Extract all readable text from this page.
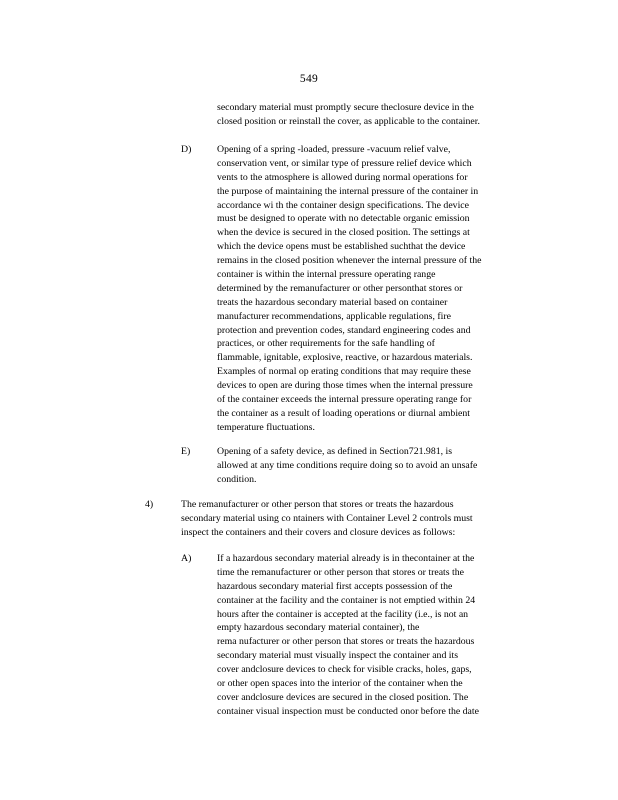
549
secondary material must promptly secure theclosure device in the
closed position or reinstall the cover, as applicable to the container.
D)	Opening of a spring -loaded, pressure -vacuum relief valve,
conservation vent, or similar type of pressure relief device which
vents to the atmosphere is allowed during normal operations for
the purpose of maintaining the internal pressure of the container in
accordance wi th the container design specifications. The device
must be designed to operate with no detectable organic emission
when the device is secured in the closed position. The settings at
which the device opens must be established suchthat the device
remains in the closed position whenever the internal pressure of the
container is within the internal pressure operating range
determined by the remanufacturer or other personthat stores or
treats the hazardous secondary material based on container
manufacturer recommendations, applicable regulations, fire
protection and prevention codes, standard engineering codes and
practices, or other requirements for the safe handling of
flammable, ignitable, explosive, reactive, or hazardous materials.
Examples of normal op erating conditions that may require these
devices to open are during those times when the internal pressure
of the container exceeds the internal pressure operating range for
the container as a result of loading operations or diurnal ambient
temperature fluctuations.
E)	Opening of a safety device, as defined in Section721.981, is
allowed at any time conditions require doing so to avoid an unsafe
condition.
4)	The remanufacturer or other person that stores or treats the hazardous
secondary material using co ntainers with Container Level 2 controls must
inspect the containers and their covers and closure devices as follows:
A)	If a hazardous secondary material already is in thecontainer at the
time the remanufacturer or other person that stores or treats the
hazardous secondary material first accepts possession of the
container at the facility and the container is not emptied within 24
hours after the container is accepted at the facility (i.e., is not an
empty hazardous secondary material container), the
rema nufacturer or other person that stores or treats the hazardous
secondary material must visually inspect the container and its
cover andclosure devices to check for visible cracks, holes, gaps,
or other open spaces into the interior of the container when the
cover andclosure devices are secured in the closed position. The
container visual inspection must be conducted onor before the date
